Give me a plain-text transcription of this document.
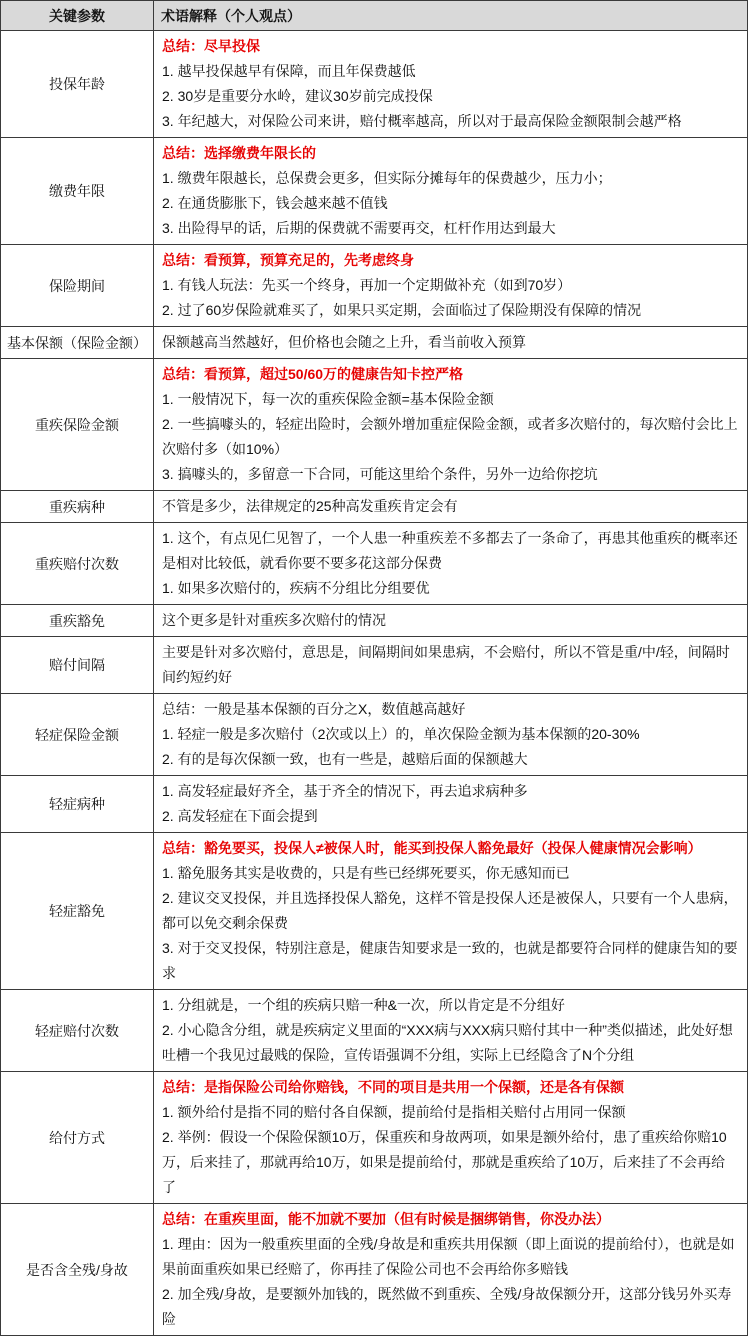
关键参数	术语解释（个人观点）
投保年龄	总结：尽早投保

1. 越早投保越早有保障，而且年保费越低

2. 30岁是重要分水岭，建议30岁前完成投保

3. 年纪越大，对保险公司来讲，赔付概率越高，所以对于最高保险金额限制会越严格

缴费年限	总结：选择缴费年限长的

1. 缴费年限越长，总保费会更多，但实际分摊每年的保费越少，压力小；

2. 在通货膨胀下，钱会越来越不值钱

3. 出险得早的话，后期的保费就不需要再交，杠杆作用达到最大

保险期间	总结：看预算，预算充足的，先考虑终身

1. 有钱人玩法：先买一个终身，再加一个定期做补充（如到70岁）

2. 过了60岁保险就难买了，如果只买定期，会面临过了保险期没有保障的情况

基本保额（保险金额）	保额越高当然越好，但价格也会随之上升，看当前收入预算

重疾保险金额	总结：看预算，超过50/60万的健康告知卡控严格

1. 一般情况下，每一次的重疾保险金额=基本保险金额

2. 一些搞噱头的，轻症出险时，会额外增加重症保险金额，或者多次赔付的，每次赔付会比上次赔付多（如10%）

3. 搞噱头的，多留意一下合同，可能这里给个条件，另外一边给你挖坑

重疾病种	不管是多少，法律规定的25种高发重疾肯定会有

重疾赔付次数	1. 这个，有点见仁见智了，一个人患一种重疾差不多都去了一条命了，再患其他重疾的概率还是相对比较低，就看你要不要多花这部分保费

1. 如果多次赔付的，疾病不分组比分组要优

重疾豁免	这个更多是针对重疾多次赔付的情况

赔付间隔	主要是针对多次赔付，意思是，间隔期间如果患病，不会赔付，所以不管是重/中/轻，间隔时间约短约好

轻症保险金额	总结：一般是基本保额的百分之X，数值越高越好

1. 轻症一般是多次赔付（2次或以上）的，单次保险金额为基本保额的20-30%

2. 有的是每次保额一致，也有一些是，越赔后面的保额越大

轻症病种	1. 高发轻症最好齐全，基于齐全的情况下，再去追求病种多

2. 高发轻症在下面会提到

轻症豁免	总结：豁免要买，投保人≠被保人时，能买到投保人豁免最好（投保人健康情况会影响）

1. 豁免服务其实是收费的，只是有些已经绑死要买，你无感知而已

2. 建议交叉投保，并且选择投保人豁免，这样不管是投保人还是被保人，只要有一个人患病，都可以免交剩余保费

3. 对于交叉投保，特别注意是，健康告知要求是一致的，也就是都要符合同样的健康告知的要求

轻症赔付次数	1. 分组就是，一个组的疾病只赔一种&一次，所以肯定是不分组好

2. 小心隐含分组，就是疾病定义里面的“XXX病与XXX病只赔付其中一种”类似描述，此处好想吐槽一个我见过最贱的保险，宣传语强调不分组，实际上已经隐含了N个分组

给付方式	总结：是指保险公司给你赔钱，不同的项目是共用一个保额，还是各有保额

1. 额外给付是指不同的赔付各自保额，提前给付是指相关赔付占用同一保额

2. 举例：假设一个保险保额10万，保重疾和身故两项，如果是额外给付，患了重疾给你赔10万，后来挂了，那就再给10万，如果是提前给付，那就是重疾给了10万，后来挂了不会再给了

是否含全残/身故	总结：在重疾里面，能不加就不要加（但有时候是捆绑销售，你没办法）

1. 理由：因为一般重疾里面的全残/身故是和重疾共用保额（即上面说的提前给付），也就是如果前面重疾如果已经赔了，你再挂了保险公司也不会再给你多赔钱

2. 加全残/身故，是要额外加钱的，既然做不到重疾、全残/身故保额分开，这部分钱另外买寿险
